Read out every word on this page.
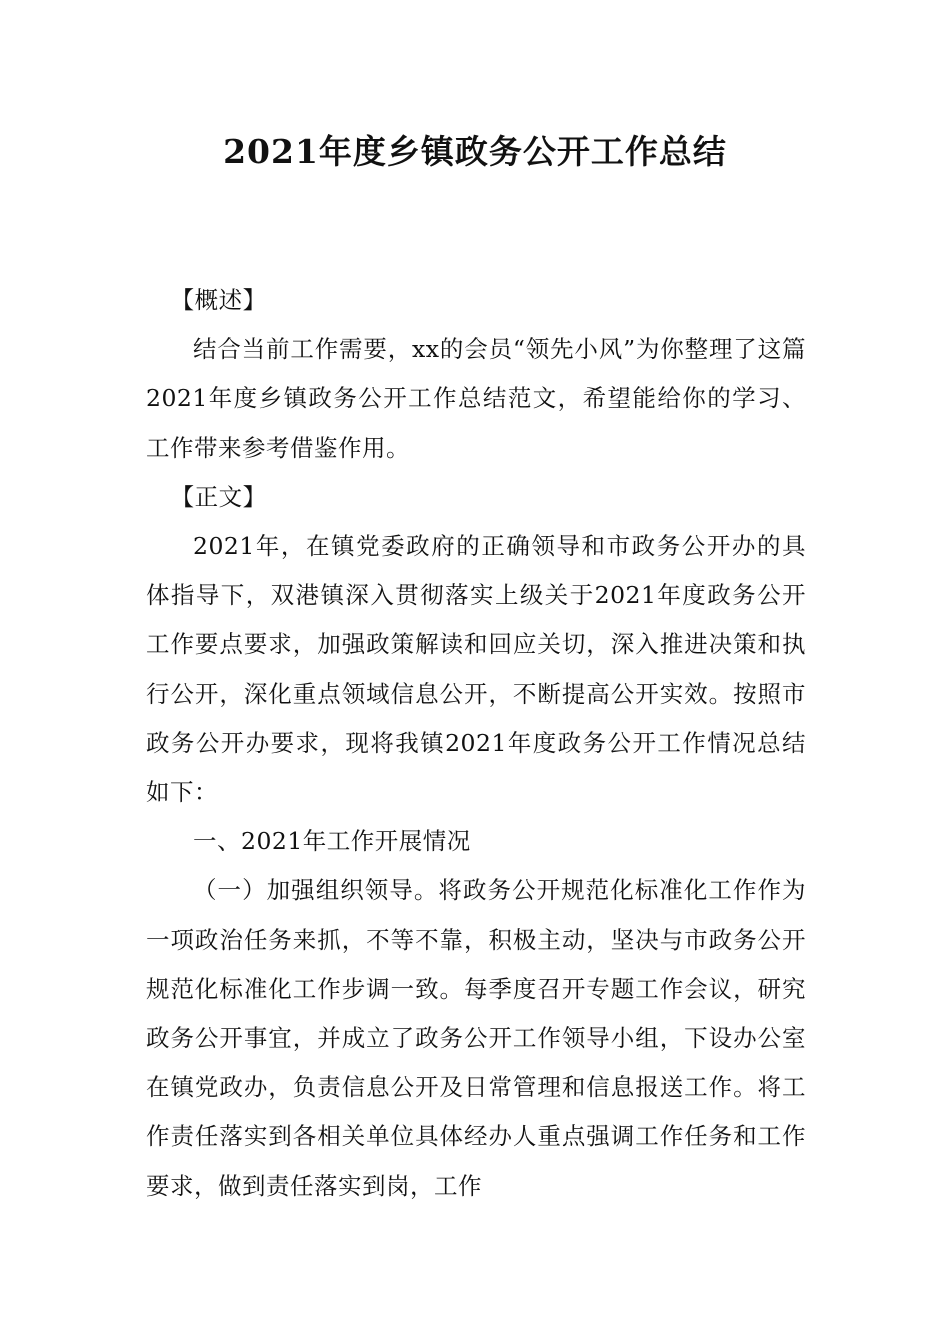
2021年度乡镇政务公开工作总结

【概述】

结合当前工作需要，xx的会员“领先小风”为你整理了这篇2021年度乡镇政务公开工作总结范文，希望能给你的学习、工作带来参考借鉴作用。

【正文】

2021年，在镇党委政府的正确领导和市政务公开办的具体指导下，双港镇深入贯彻落实上级关于2021年度政务公开工作要点要求，加强政策解读和回应关切，深入推进决策和执行公开，深化重点领域信息公开，不断提高公开实效。按照市政务公开办要求，现将我镇2021年度政务公开工作情况总结如下：

一、2021年工作开展情况

（一）加强组织领导。将政务公开规范化标准化工作作为一项政治任务来抓，不等不靠，积极主动，坚决与市政务公开规范化标准化工作步调一致。每季度召开专题工作会议，研究政务公开事宜，并成立了政务公开工作领导小组，下设办公室在镇党政办，负责信息公开及日常管理和信息报送工作。将工作责任落实到各相关单位具体经办人重点强调工作任务和工作要求，做到责任落实到岗，工作
